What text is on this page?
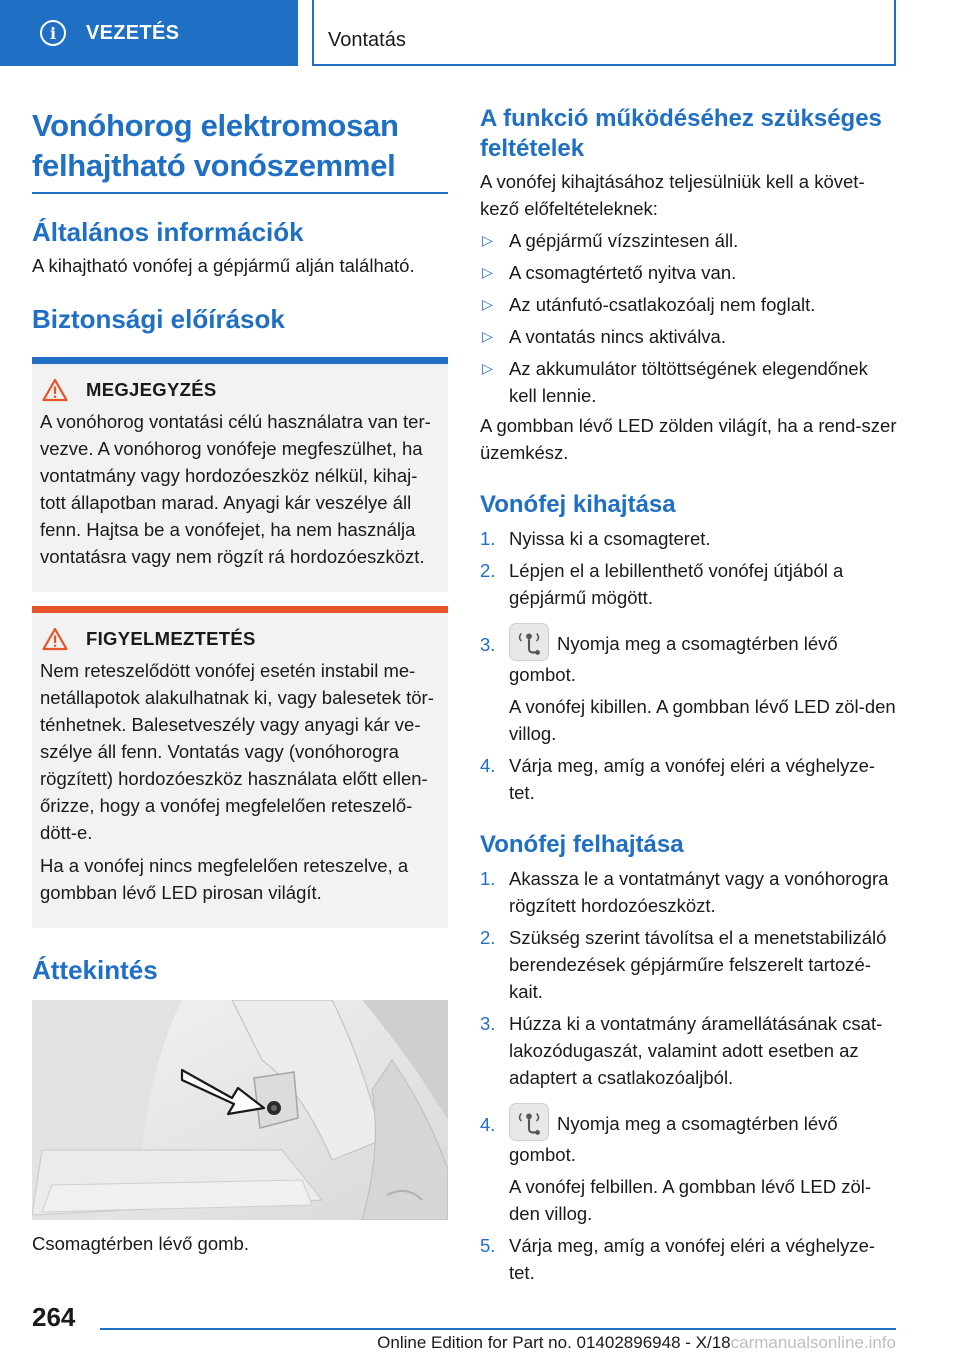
i	VEZETÉS	Vontatás
Vonóhorog elektromosan felhajtható vonószemmel
Általános információk
A kihajtható vonófej a gépjármű alján található.
Biztonsági előírások
MEGJEGYZÉS
A vonóhorog vontatási célú használatra van ter-vezve. A vonóhorog vonófeje megfeszülhet, ha vontatmány vagy hordozóeszköz nélkül, kihaj-tott állapotban marad. Anyagi kár veszélye áll fenn. Hajtsa be a vonófejet, ha nem használja vontatásra vagy nem rögzít rá hordozóeszközt.
FIGYELMEZTETÉS
Nem reteszelődött vonófej esetén instabil me-netállapotok alakulhatnak ki, vagy balesetek tör-ténhetnek. Balesetveszély vagy anyagi kár ve-szélye áll fenn. Vontatás vagy (vonóhorogra rögzített) hordozóeszköz használata előtt ellen-őrizze, hogy a vonófej megfelelően reteszelő-dött-e.
Ha a vonófej nincs megfelelően reteszelve, a gombban lévő LED pirosan világít.
Áttekintés
Csomagtérben lévő gomb.
A funkció működéséhez szükséges feltételek
A vonófej kihajtásához teljesülniük kell a követ-kező előfeltételeknek:
▷ A gépjármű vízszintesen áll.
▷ A csomagtértető nyitva van.
▷ Az utánfutó-csatlakozóalj nem foglalt.
▷ A vontatás nincs aktiválva.
▷ Az akkumulátor töltöttségének elegendőnek kell lennie.
A gombban lévő LED zölden világít, ha a rend-szer üzemkész.
Vonófej kihajtása
1. Nyissa ki a csomagteret.
2. Lépjen el a lebillenthető vonófej útjából a gépjármű mögött.
3.	Nyomja meg a csomagtérben lévő gombot.
A vonófej kibillen. A gombban lévő LED zöl-den villog.
4. Várja meg, amíg a vonófej eléri a véghelyze-tet.
Vonófej felhajtása
1. Akassza le a vontatmányt vagy a vonóhorogra rögzített hordozóeszközt.
2. Szükség szerint távolítsa el a menetstabilizáló berendezések gépjárműre felszerelt tartozé-kait.
3. Húzza ki a vontatmány áramellátásának csat-lakozódugaszát, valamint adott esetben az adaptert a csatlakozóaljból.
4.	Nyomja meg a csomagtérben lévő gombot.
A vonófej felbillen. A gombban lévő LED zöl-den villog.
5. Várja meg, amíg a vonófej eléri a véghelyze-tet.
264
Online Edition for Part no. 01402896948 - X/18carmanualsonline.info
